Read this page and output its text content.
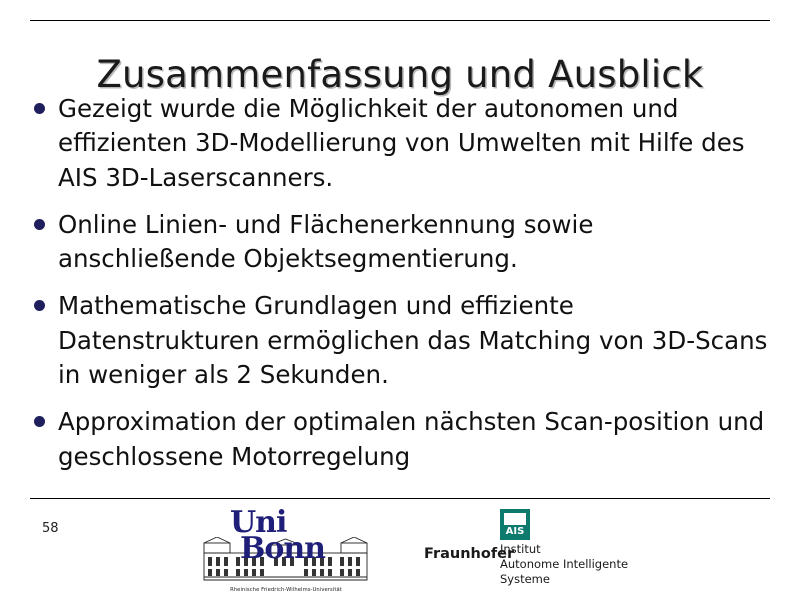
Zusammenfassung und Ausblick
Gezeigt wurde die Möglichkeit der autonomen und effizienten 3D-Modellierung von Umwelten mit Hilfe des AIS 3D-Laserscanners.
Online Linien- und Flächenerkennung sowie anschließende Objektsegmentierung.
Mathematische Grundlagen und effiziente Datenstrukturen ermöglichen das Matching von 3D-Scans in weniger als 2 Sekunden.
Approximation der optimalen nächsten Scan-position und geschlossene Motorregelung
58	Uni
Bonn
Rheinische Friedrich-Wilhelms-Universität
Fraunhofer
AIS
Institut
Autonome Intelligente
Systeme
